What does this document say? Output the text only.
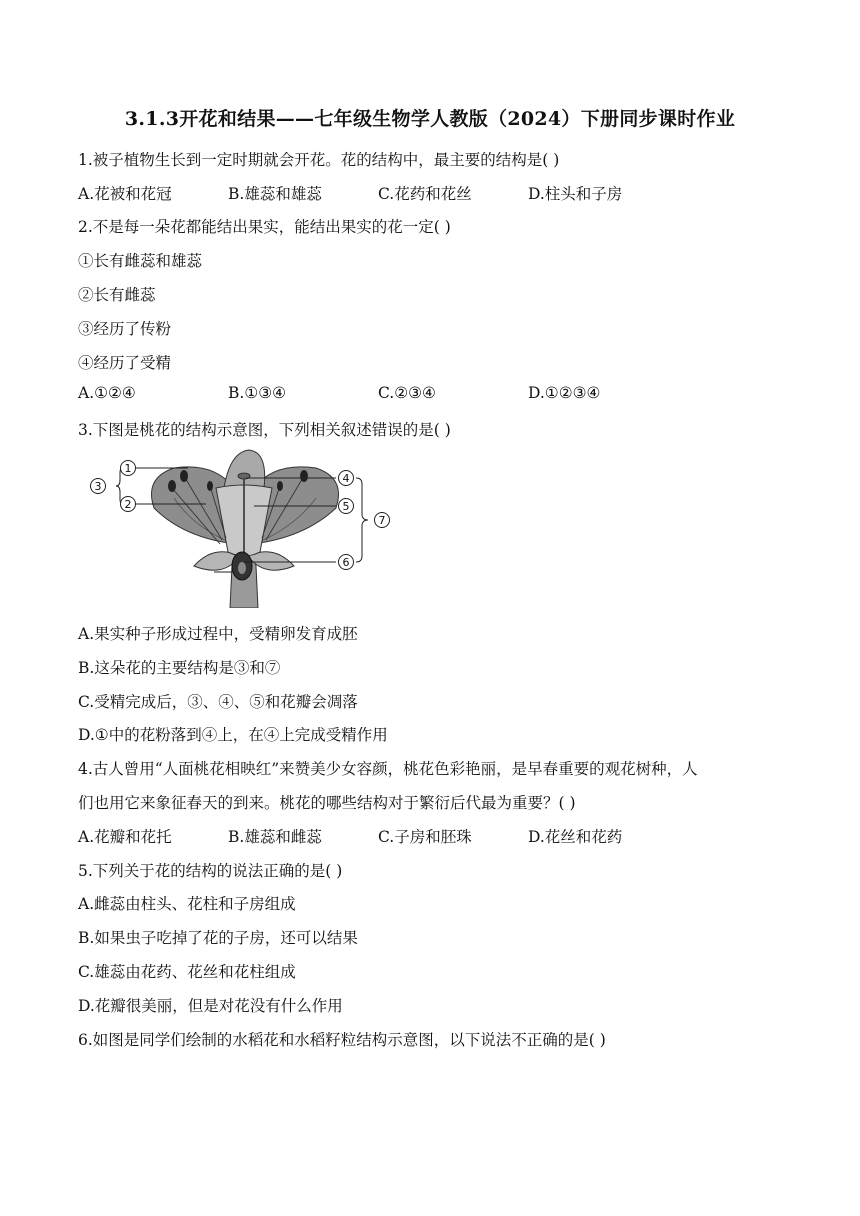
3.1.3开花和结果——七年级生物学人教版（2024）下册同步课时作业
1.被子植物生长到一定时期就会开花。花的结构中，最主要的结构是( )
A.花被和花冠	B.雄蕊和雄蕊	C.花药和花丝	D.柱头和子房
2.不是每一朵花都能结出果实，能结出果实的花一定( )
①长有雌蕊和雄蕊
②长有雌蕊
③经历了传粉
④经历了受精
A.①②④	B.①③④	C.②③④	D.①②③④
3.下图是桃花的结构示意图，下列相关叙述错误的是( )
1
2
3
4
5
6
7
A.果实种子形成过程中，受精卵发育成胚
B.这朵花的主要结构是③和⑦
C.受精完成后，③、④、⑤和花瓣会凋落
D.①中的花粉落到④上，在④上完成受精作用
4.古人曾用“人面桃花相映红”来赞美少女容颜，桃花色彩艳丽，是早春重要的观花树种，人
们也用它来象征春天的到来。桃花的哪些结构对于繁衍后代最为重要？( )
A.花瓣和花托	B.雄蕊和雌蕊	C.子房和胚珠	D.花丝和花药
5.下列关于花的结构的说法正确的是( )
A.雌蕊由柱头、花柱和子房组成
B.如果虫子吃掉了花的子房，还可以结果
C.雄蕊由花药、花丝和花柱组成
D.花瓣很美丽，但是对花没有什么作用
6.如图是同学们绘制的水稻花和水稻籽粒结构示意图，以下说法不正确的是( )
